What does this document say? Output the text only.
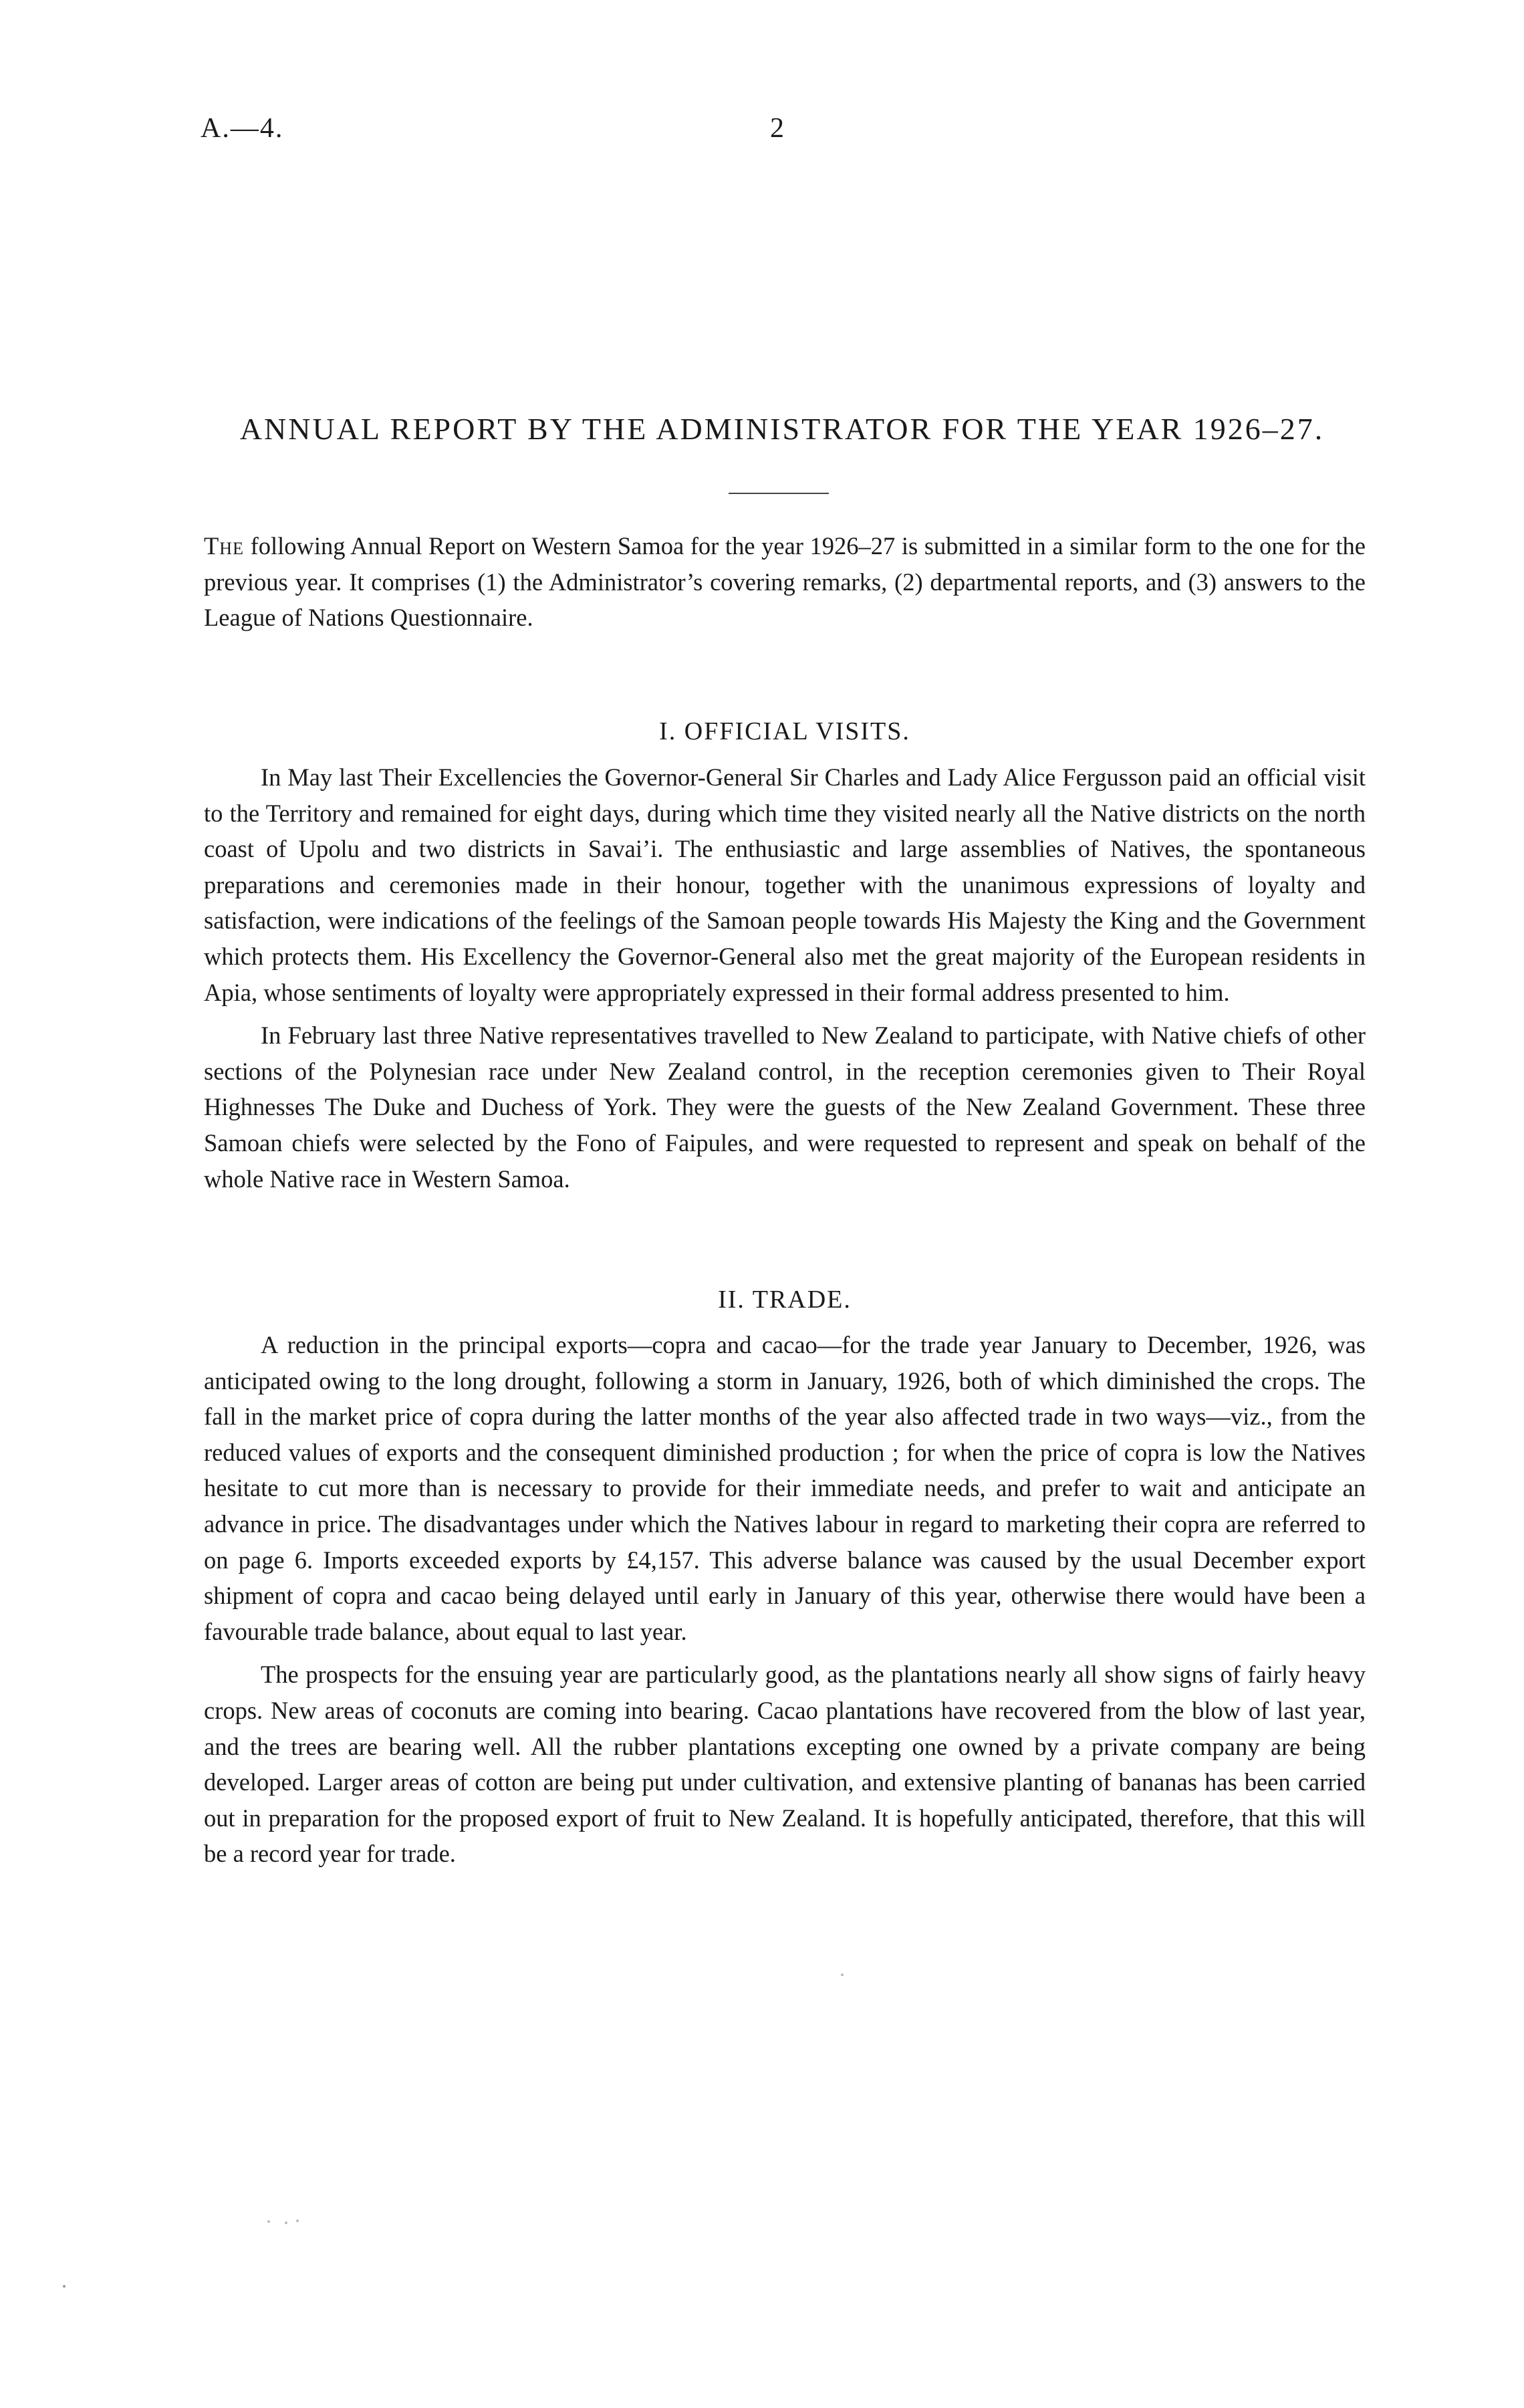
A.—4.	2
ANNUAL REPORT BY THE ADMINISTRATOR FOR THE YEAR 1926–27.

The following Annual Report on Western Samoa for the year 1926–27 is submitted in a similar form to the one for the previous year. It comprises (1) the Administrator’s covering remarks, (2) departmental reports, and (3) answers to the League of Nations Questionnaire.

I. OFFICIAL VISITS.

In May last Their Excellencies the Governor-General Sir Charles and Lady Alice Fergusson paid an official visit to the Territory and remained for eight days, during which time they visited nearly all the Native districts on the north coast of Upolu and two districts in Savai’i. The enthusiastic and large assemblies of Natives, the spontaneous preparations and ceremonies made in their honour, together with the unanimous expressions of loyalty and satisfaction, were indications of the feelings of the Samoan people towards His Majesty the King and the Government which protects them. His Excellency the Governor-General also met the great majority of the European residents in Apia, whose sentiments of loyalty were appropriately expressed in their formal address presented to him.

In February last three Native representatives travelled to New Zealand to participate, with Native chiefs of other sections of the Polynesian race under New Zealand control, in the reception ceremonies given to Their Royal Highnesses The Duke and Duchess of York. They were the guests of the New Zealand Government. These three Samoan chiefs were selected by the Fono of Faipules, and were requested to represent and speak on behalf of the whole Native race in Western Samoa.

II. TRADE.

A reduction in the principal exports—copra and cacao—for the trade year January to December, 1926, was anticipated owing to the long drought, following a storm in January, 1926, both of which diminished the crops. The fall in the market price of copra during the latter months of the year also affected trade in two ways—viz., from the reduced values of exports and the consequent diminished production ; for when the price of copra is low the Natives hesitate to cut more than is necessary to provide for their immediate needs, and prefer to wait and anticipate an advance in price. The disadvantages under which the Natives labour in regard to marketing their copra are referred to on page 6. Imports exceeded exports by £4,157. This adverse balance was caused by the usual December export shipment of copra and cacao being delayed until early in January of this year, otherwise there would have been a favourable trade balance, about equal to last year.

The prospects for the ensuing year are particularly good, as the plantations nearly all show signs of fairly heavy crops. New areas of coconuts are coming into bearing. Cacao plantations have recovered from the blow of last year, and the trees are bearing well. All the rubber plantations excepting one owned by a private company are being developed. Larger areas of cotton are being put under cultivation, and extensive planting of bananas has been carried out in preparation for the proposed export of fruit to New Zealand. It is hopefully anticipated, therefore, that this will be a record year for trade.
